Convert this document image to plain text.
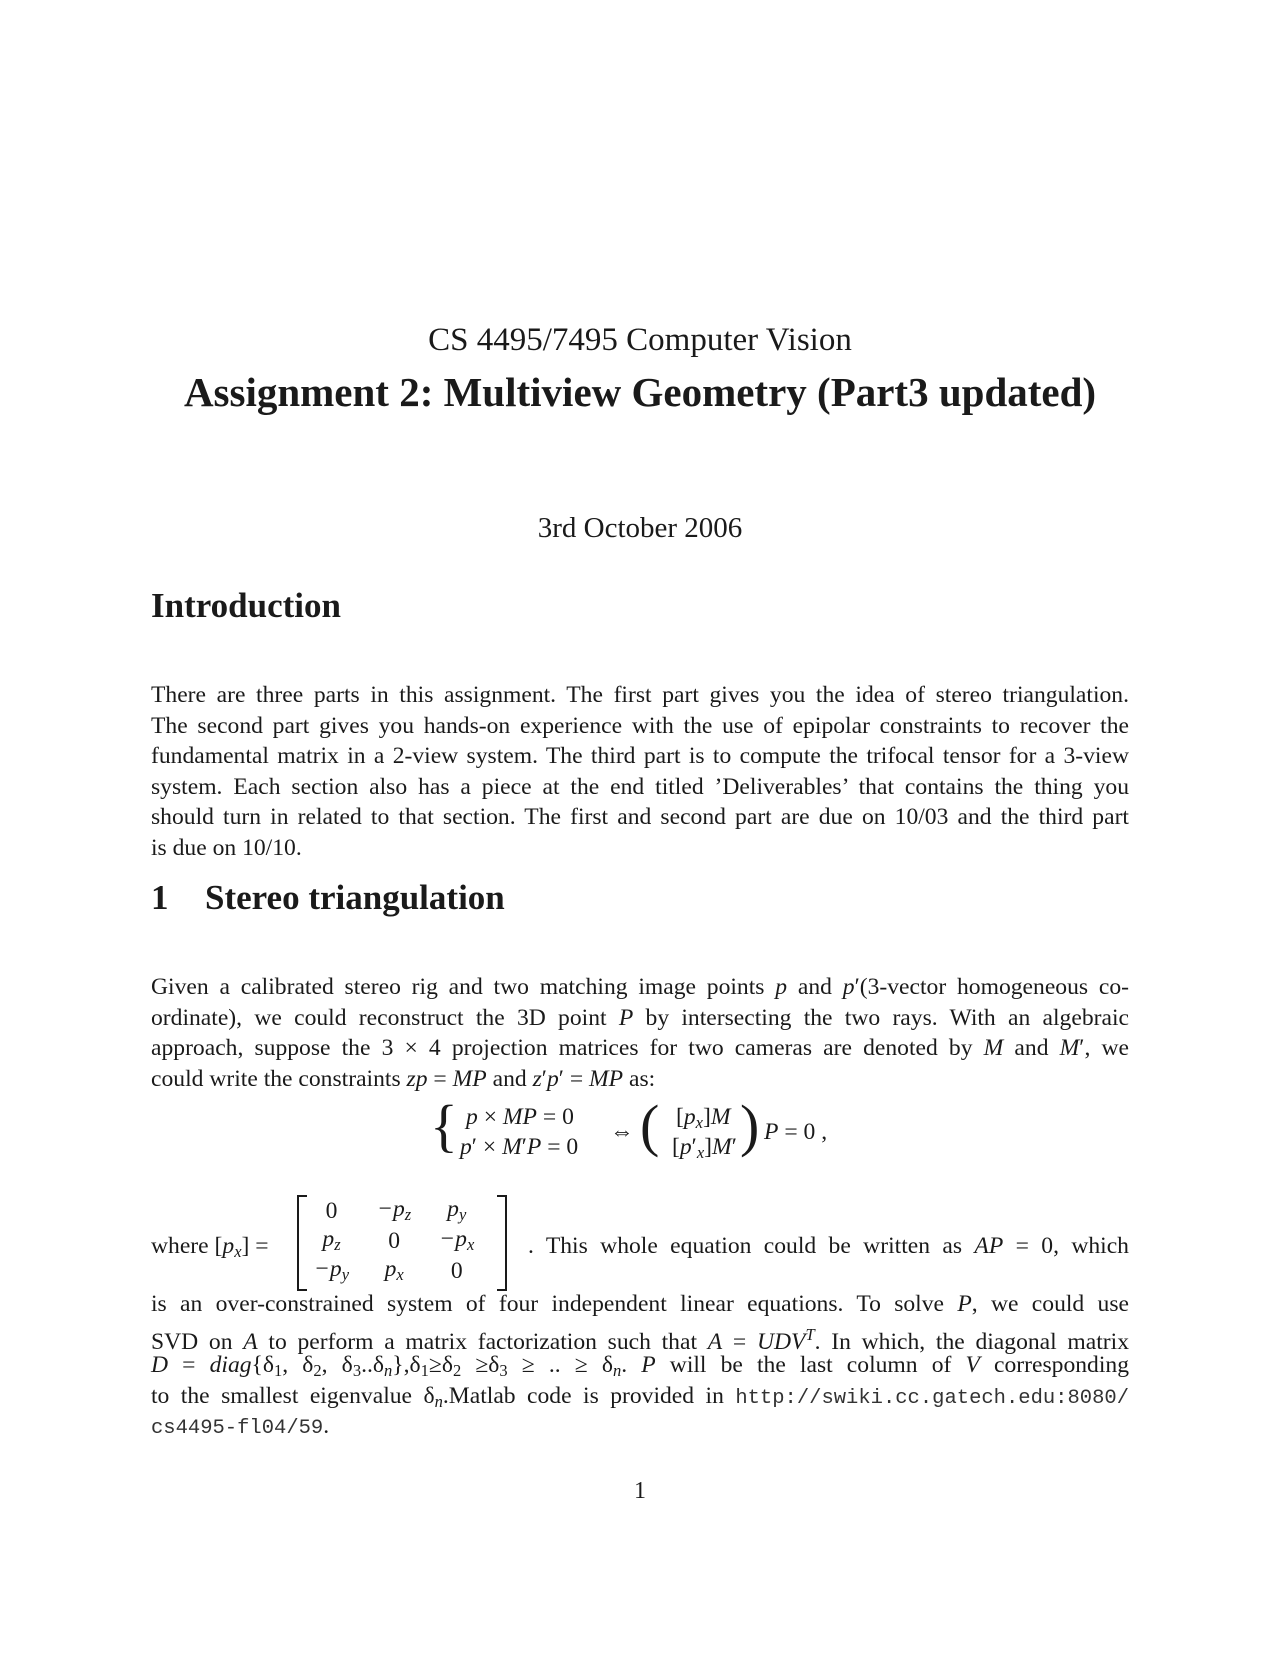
CS 4495/7495 Computer Vision
Assignment 2: Multiview Geometry (Part3 updated)
3rd October 2006
Introduction
There are three parts in this assignment. The first part gives you the idea of stereo triangulation.
The second part gives you hands-on experience with the use of epipolar constraints to recover the
fundamental matrix in a 2-view system. The third part is to compute the trifocal tensor for a 3-view
system. Each section also has a piece at the end titled ’Deliverables’ that contains the thing you
should turn in related to that section. The first and second part are due on 10/03 and the third part
is due on 10/10.
1 Stereo triangulation
Given a calibrated stereo rig and two matching image points p and p′(3-vector homogeneous co-
ordinate), we could reconstruct the 3D point P by intersecting the two rays. With an algebraic
approach, suppose the 3 × 4 projection matrices for two cameras are denoted by M and M′, we
could write the constraints zp = MP and z′p′ = MP as:
{ p × MP = 0
p′ × M′P = 0
⇔ ( $[p_x]M$
$[p'_x]M'$ ) P = 0 ,
where $[p_x]$ =
0	$-p_z$	$p_y$
$p_z$	0	$-p_x$
$-p_y$	$p_x$	0
. This whole equation could be written as AP = 0, which
is an over-constrained system of four independent linear equations. To solve P, we could use
SVD on A to perform a matrix factorization such that $A = UDV^T$. In which, the diagonal matrix
$D = diag\{\delta_1$, $\delta_2$, $\delta_3..\delta_n\},\delta_1\ge\delta_2 \ge\delta_3$ ≥ .. ≥ $\delta_n$. P will be the last column of V corresponding
to the smallest eigenvalue $\delta_n.Matlab$ code is provided in http://swiki.cc.gatech.edu:8080/
cs4495-fl04/59.
1
